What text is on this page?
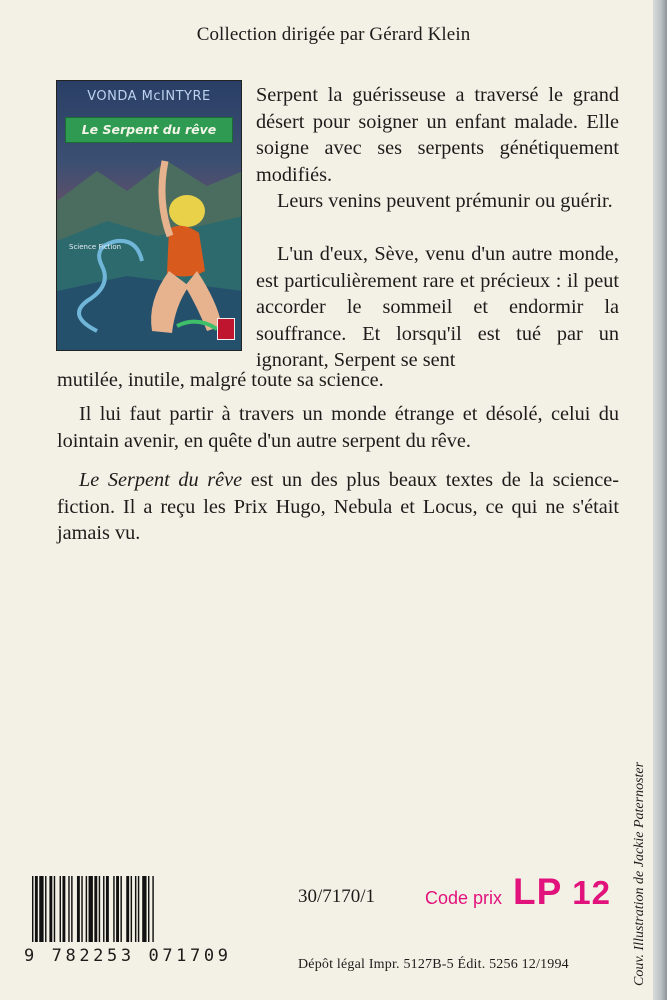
Collection dirigée par Gérard Klein
VONDA McINTYRE
Le Serpent du rêve
Science Fiction

Serpent la guérisseuse a traversé le grand désert pour soigner un enfant malade. Elle soigne avec ses serpents génétiquement modifiés.

Leurs venins peuvent prémunir ou guérir.

L'un d'eux, Sève, venu d'un autre monde, est particulièrement rare et précieux : il peut accorder le sommeil et endormir la souffrance. Et lorsqu'il est tué par un ignorant, Serpent se sent

mutilée, inutile, malgré toute sa science.

Il lui faut partir à travers un monde étrange et désolé, celui du lointain avenir, en quête d'un autre serpent du rêve.

Le Serpent du rêve est un des plus beaux textes de la science-fiction. Il a reçu les Prix Hugo, Nebula et Locus, ce qui ne s'était jamais vu.

9 782253 071709
30/7170/1	Code prix LP 12
Dépôt légal Impr. 5127B-5 Édit. 5256 12/1994	Couv. Illustration de Jackie Paternoster
